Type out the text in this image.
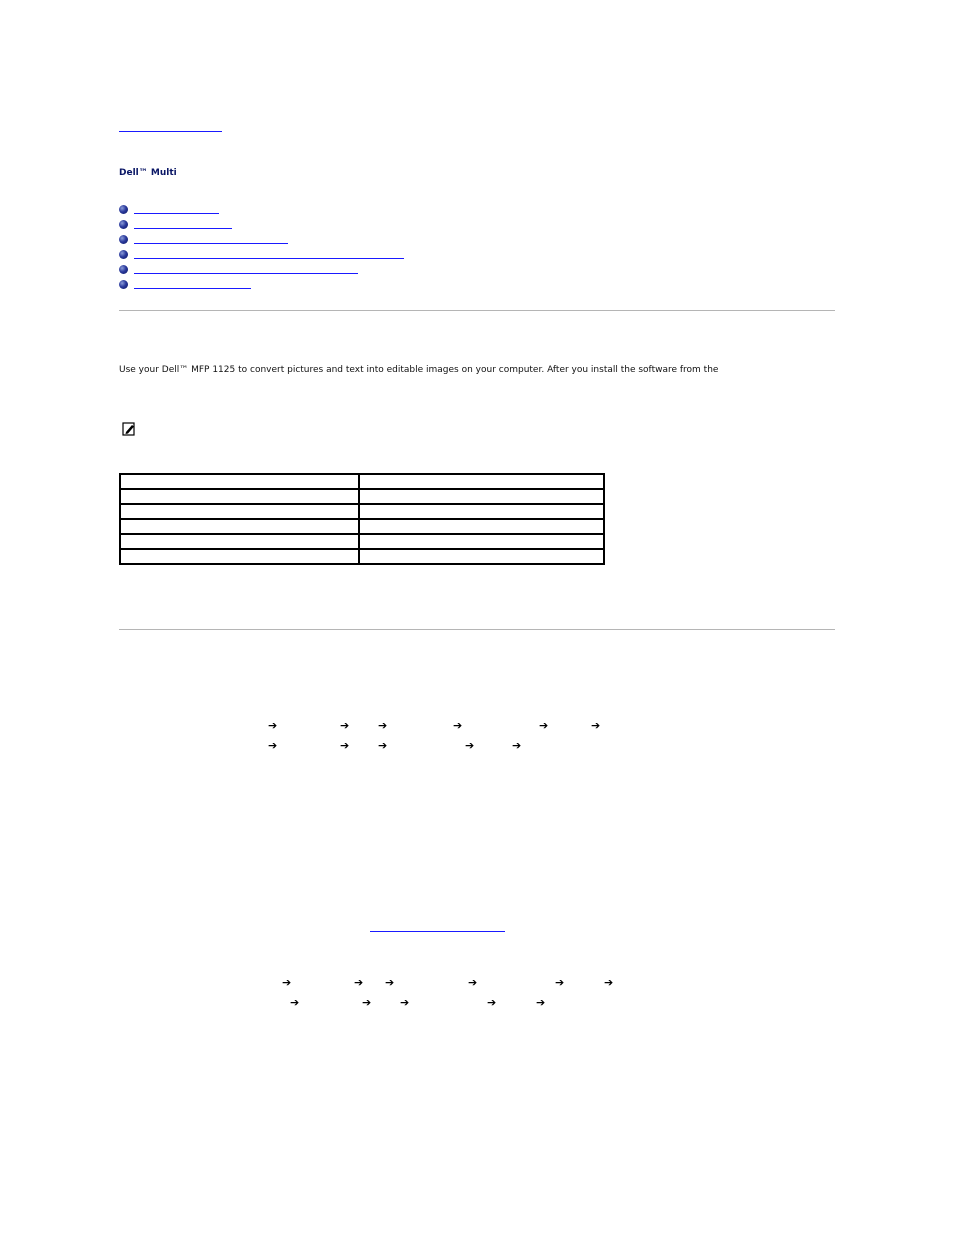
Dell™ Multi
Use your Dell™ MFP 1125 to convert pictures and text into editable images on your computer. After you install the software from the

➔	➔	➔	➔	➔	➔
➔	➔	➔	➔	➔
➔	➔ ➔	➔	➔	➔
➔	➔	➔	➔	➔
